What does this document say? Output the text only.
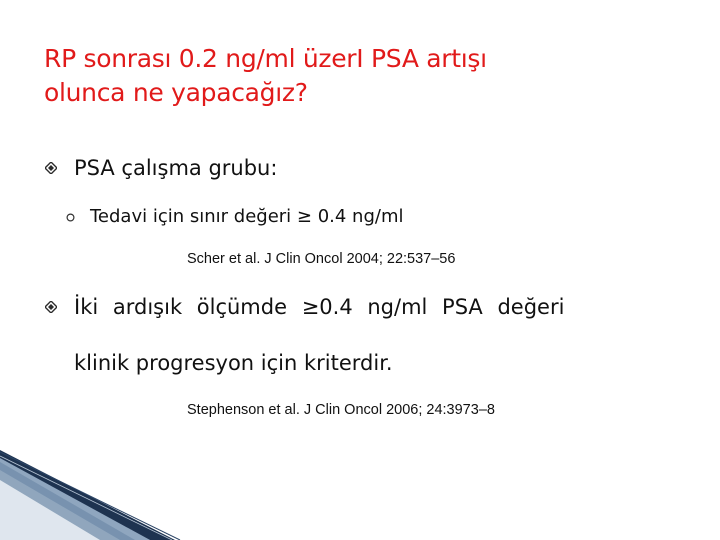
RP sonrası 0.2 ng/ml üzerI PSA artışı
olunca ne yapacağız?
PSA çalışma grubu:
Tedavi için sınır değeri ≥ 0.4 ng/ml
Scher et al. J Clin Oncol 2004; 22:537–56
İki ardışık ölçümde ≥0.4 ng/ml PSA değeri
klinik progresyon için kriterdir.
Stephenson et al. J Clin Oncol 2006; 24:3973–8
